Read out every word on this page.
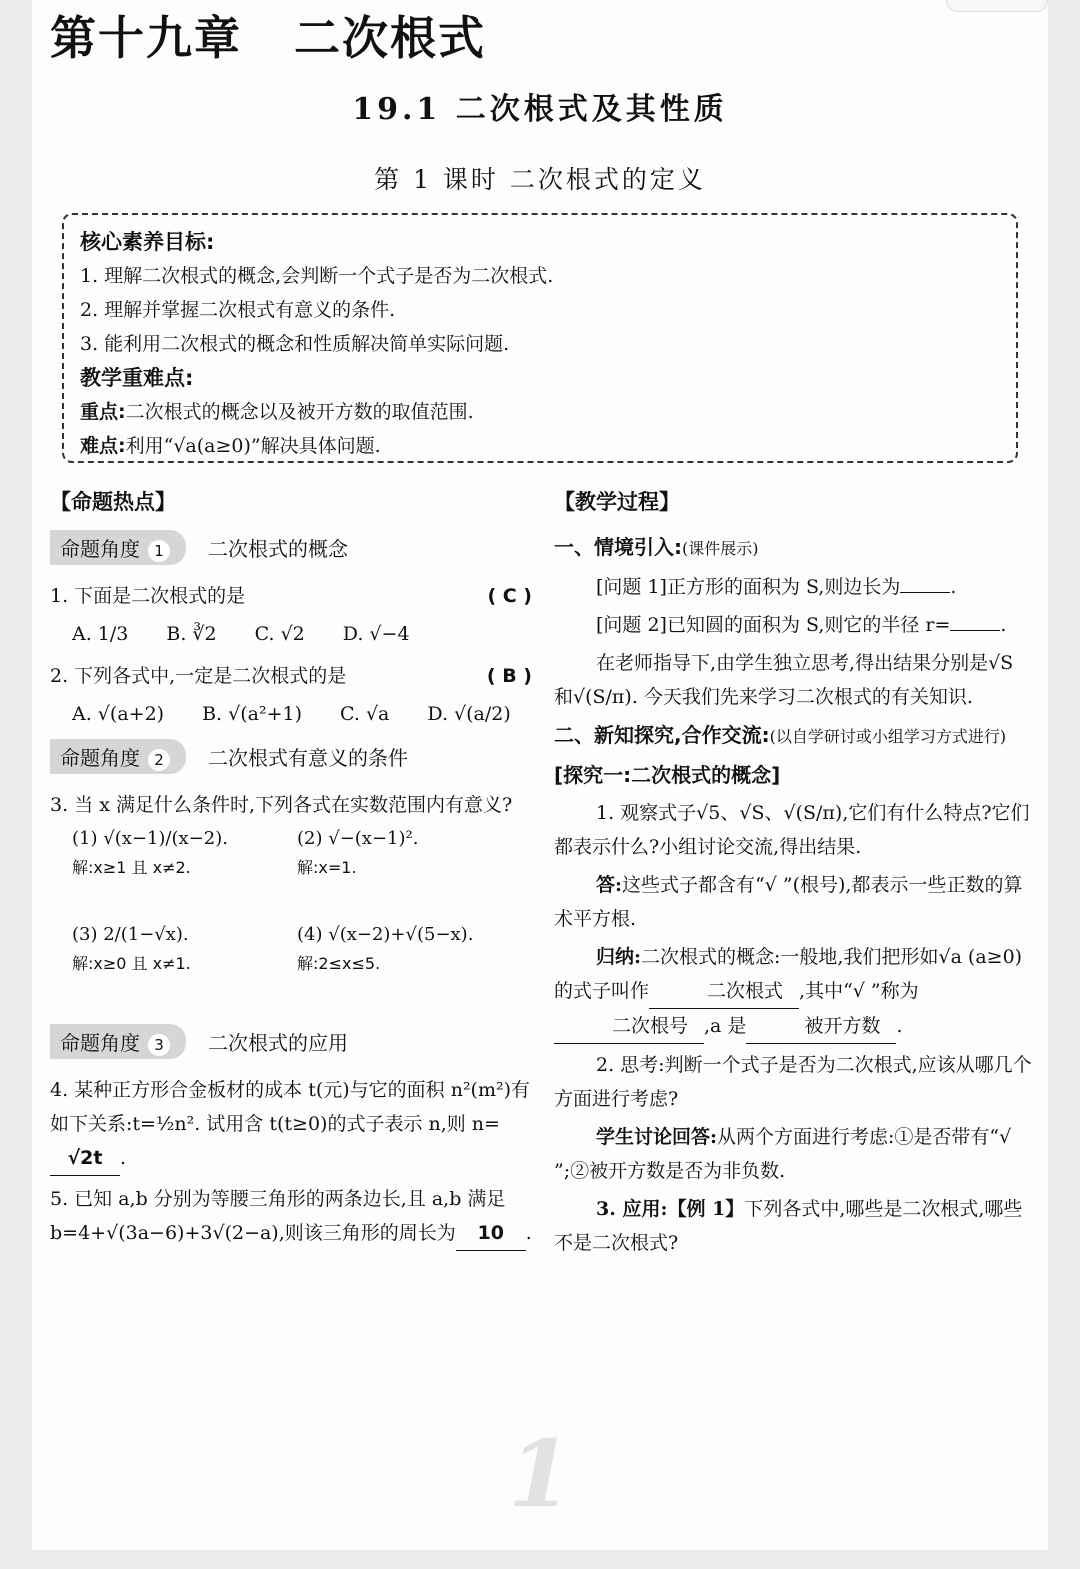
第十九章 二次根式
19.1 二次根式及其性质
第 1 课时 二次根式的定义
核心素养目标:
1. 理解二次根式的概念,会判断一个式子是否为二次根式.
2. 理解并掌握二次根式有意义的条件.
3. 能利用二次根式的概念和性质解决简单实际问题.
教学重难点:
重点:二次根式的概念以及被开方数的取值范围.
难点:利用“√a(a≥0)”解决具体问题.
【命题热点】
命题角度 1	二次根式的概念
1. 下面是二次根式的是	( C )
A. 1/3 B. ∛2 C. √2 D. √−4
2. 下列各式中,一定是二次根式的是	( B )
A. √(a+2) B. √(a²+1) C. √a D. √(a/2)
命题角度 2	二次根式有意义的条件
3. 当 x 满足什么条件时,下列各式在实数范围内有意义?
(1) √(x−1)/(x−2).	(2) √−(x−1)².
解:x≥1 且 x≠2.	解:x=1.
(3) 2/(1−√x).	(4) √(x−2)+√(5−x).
解:x≥0 且 x≠1.	解:2≤x≤5.
命题角度 3	二次根式的应用
4. 某种正方形合金板材的成本 t(元)与它的面积 n²(m²)有如下关系:t=½n². 试用含 t(t≥0)的式子表示 n,则 n=√2t .
5. 已知 a,b 分别为等腰三角形的两条边长,且 a,b 满足 b=4+√(3a−6)+3√(2−a),则该三角形的周长为 10 .
1
【教学过程】
一、情境引入:(课件展示)
[问题 1]正方形的面积为 S,则边长为	.
[问题 2]已知圆的面积为 S,则它的半径 r=	.
在老师指导下,由学生独立思考,得出结果分别是√S和√(S/π). 今天我们先来学习二次根式的有关知识.
二、新知探究,合作交流:(以自学研讨或小组学习方式进行)
[探究一:二次根式的概念]
1. 观察式子√5、√S、√(S/π),它们有什么特点?它们都表示什么?小组讨论交流,得出结果.
答:这些式子都含有“√ ”(根号),都表示一些正数的算术平方根.
归纳:二次根式的概念:一般地,我们把形如√a (a≥0)的式子叫作	二次根式 ,其中“√ ”称为二次根号 ,a 是	被开方数 .
2. 思考:判断一个式子是否为二次根式,应该从哪几个方面进行考虑?
学生讨论回答:从两个方面进行考虑:①是否带有“√ ”;②被开方数是否为非负数.
3. 应用:【例 1】下列各式中,哪些是二次根式,哪些不是二次根式?
